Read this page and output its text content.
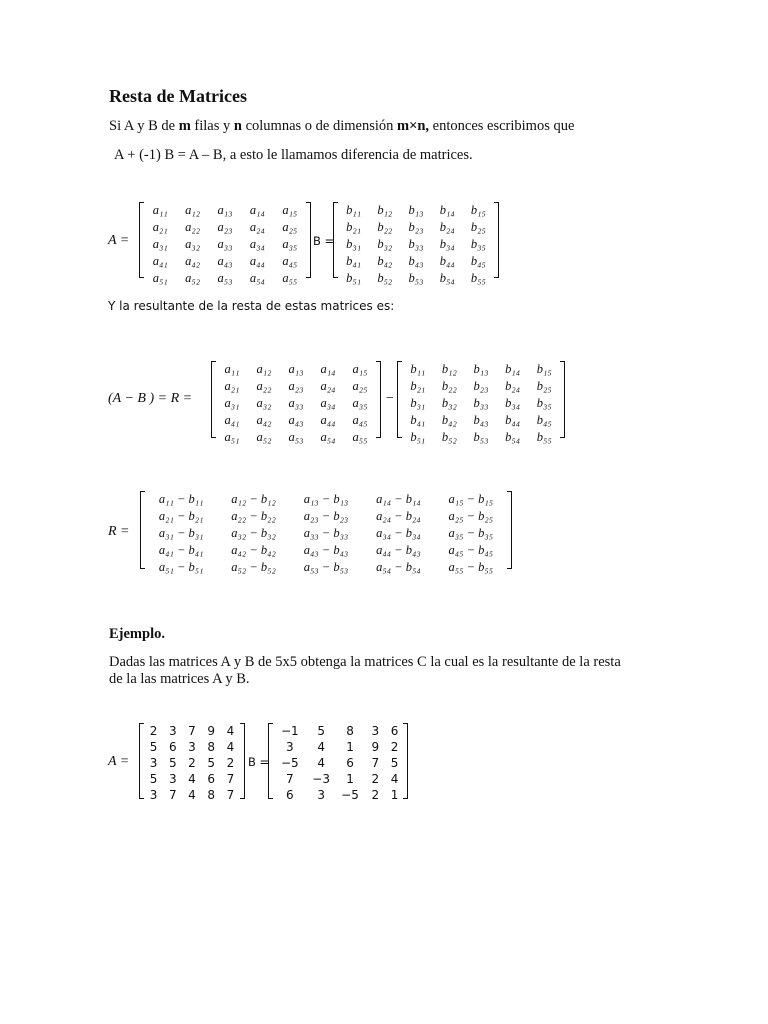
Resta de Matrices
Si A y B de m filas y n columnas o de dimensión m×n, entonces escribimos que
A + (-1) B = A – B, a esto le llamamos diferencia de matrices.
A =
a₁₁	a₁₂	a₁₃	a₁₄	a₁₅
a₂₁	a₂₂	a₂₃	a₂₄	a₂₅
a₃₁	a₃₂	a₃₃	a₃₄	a₃₅
a₄₁	a₄₂	a₄₃	a₄₄	a₄₅
a₅₁	a₅₂	a₅₃	a₅₄	a₅₅
B =
b₁₁	b₁₂	b₁₃	b₁₄	b₁₅
b₂₁	b₂₂	b₂₃	b₂₄	b₂₅
b₃₁	b₃₂	b₃₃	b₃₄	b₃₅
b₄₁	b₄₂	b₄₃	b₄₄	b₄₅
b₅₁	b₅₂	b₅₃	b₅₄	b₅₅
Y la resultante de la resta de estas matrices es:
(A − B ) = R =
a₁₁	a₁₂	a₁₃	a₁₄	a₁₅
a₂₁	a₂₂	a₂₃	a₂₄	a₂₅
a₃₁	a₃₂	a₃₃	a₃₄	a₃₅
a₄₁	a₄₂	a₄₃	a₄₄	a₄₅
a₅₁	a₅₂	a₅₃	a₅₄	a₅₅
−
b₁₁	b₁₂	b₁₃	b₁₄	b₁₅
b₂₁	b₂₂	b₂₃	b₂₄	b₂₅
b₃₁	b₃₂	b₃₃	b₃₄	b₃₅
b₄₁	b₄₂	b₄₃	b₄₄	b₄₅
b₅₁	b₅₂	b₅₃	b₅₄	b₅₅
R =
a₁₁ − b₁₁	a₁₂ − b₁₂	a₁₃ − b₁₃	a₁₄ − b₁₄	a₁₅ − b₁₅
a₂₁ − b₂₁	a₂₂ − b₂₂	a₂₃ − b₂₃	a₂₄ − b₂₄	a₂₅ − b₂₅
a₃₁ − b₃₁	a₃₂ − b₃₂	a₃₃ − b₃₃	a₃₄ − b₃₄	a₃₅ − b₃₅
a₄₁ − b₄₁	a₄₂ − b₄₂	a₄₃ − b₄₃	a₄₄ − b₄₃	a₄₅ − b₄₅
a₅₁ − b₅₁	a₅₂ − b₅₂	a₅₃ − b₅₃	a₅₄ − b₅₄	a₅₅ − b₅₅
Ejemplo.
Dadas las matrices A y B de 5x5 obtenga la matrices C la cual es la resultante de la resta
de la las matrices A y B.
A =
2 3 7 9 4
5 6 3 8 4
3 5 2 5 2
5 3 4 6 7
3 7 4 8 7
B =
−1	5	8	3 6
3	4	1	9 2
−5	4	6	7 5
7	−3	1	2 4
6	3	−5	2 1
